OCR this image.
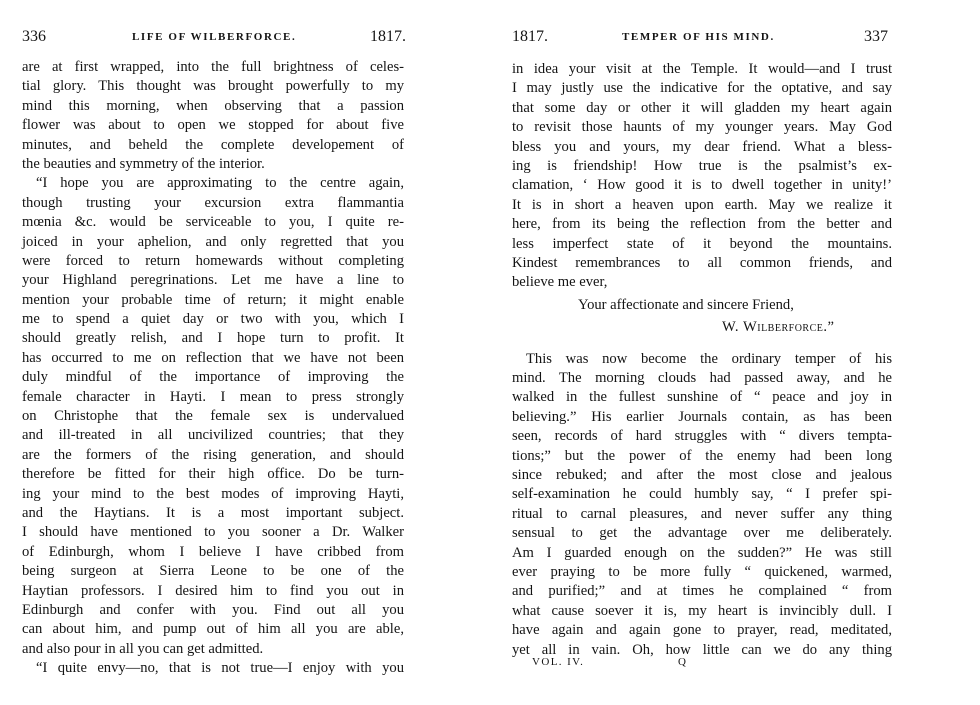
336	LIFE OF WILBERFORCE.	1817.
are at first wrapped, into the full brightness of celes-
tial glory. This thought was brought powerfully to my
mind this morning, when observing that a passion
flower was about to open we stopped for about five
minutes, and beheld the complete developement of
the beauties and symmetry of the interior.
“I hope you are approximating to the centre again,
though trusting your excursion extra flammantia
mœnia &c. would be serviceable to you, I quite re-
joiced in your aphelion, and only regretted that you
were forced to return homewards without completing
your Highland peregrinations. Let me have a line to
mention your probable time of return; it might enable
me to spend a quiet day or two with you, which I
should greatly relish, and I hope turn to profit. It
has occurred to me on reflection that we have not been
duly mindful of the importance of improving the
female character in Hayti. I mean to press strongly
on Christophe that the female sex is undervalued
and ill-treated in all uncivilized countries; that they
are the formers of the rising generation, and should
therefore be fitted for their high office. Do be turn-
ing your mind to the best modes of improving Hayti,
and the Haytians. It is a most important subject.
I should have mentioned to you sooner a Dr. Walker
of Edinburgh, whom I believe I have cribbed from
being surgeon at Sierra Leone to be one of the
Haytian professors. I desired him to find you out in
Edinburgh and confer with you. Find out all you
can about him, and pump out of him all you are able,
and also pour in all you can get admitted.
“I quite envy—no, that is not true—I enjoy with you
1817.	TEMPER OF HIS MIND.	337
in idea your visit at the Temple. It would—and I trust
I may justly use the indicative for the optative, and say
that some day or other it will gladden my heart again
to revisit those haunts of my younger years. May God
bless you and yours, my dear friend. What a bless-
ing is friendship! How true is the psalmist’s ex-
clamation, ‘ How good it is to dwell together in unity!’
It is in short a heaven upon earth. May we realize it
here, from its being the reflection from the better and
less imperfect state of it beyond the mountains.
Kindest remembrances to all common friends, and
believe me ever,
Your affectionate and sincere Friend,
W. Wilberforce.”
This was now become the ordinary temper of his
mind. The morning clouds had passed away, and he
walked in the fullest sunshine of “ peace and joy in
believing.” His earlier Journals contain, as has been
seen, records of hard struggles with “ divers tempta-
tions;” but the power of the enemy had been long
since rebuked; and after the most close and jealous
self-examination he could humbly say, “ I prefer spi-
ritual to carnal pleasures, and never suffer any thing
sensual to get the advantage over me deliberately.
Am I guarded enough on the sudden?” He was still
ever praying to be more fully “ quickened, warmed,
and purified;” and at times he complained “ from
what cause soever it is, my heart is invincibly dull. I
have again and again gone to prayer, read, meditated,
yet all in vain. Oh, how little can we do any thing
VOL. IV.	Q
